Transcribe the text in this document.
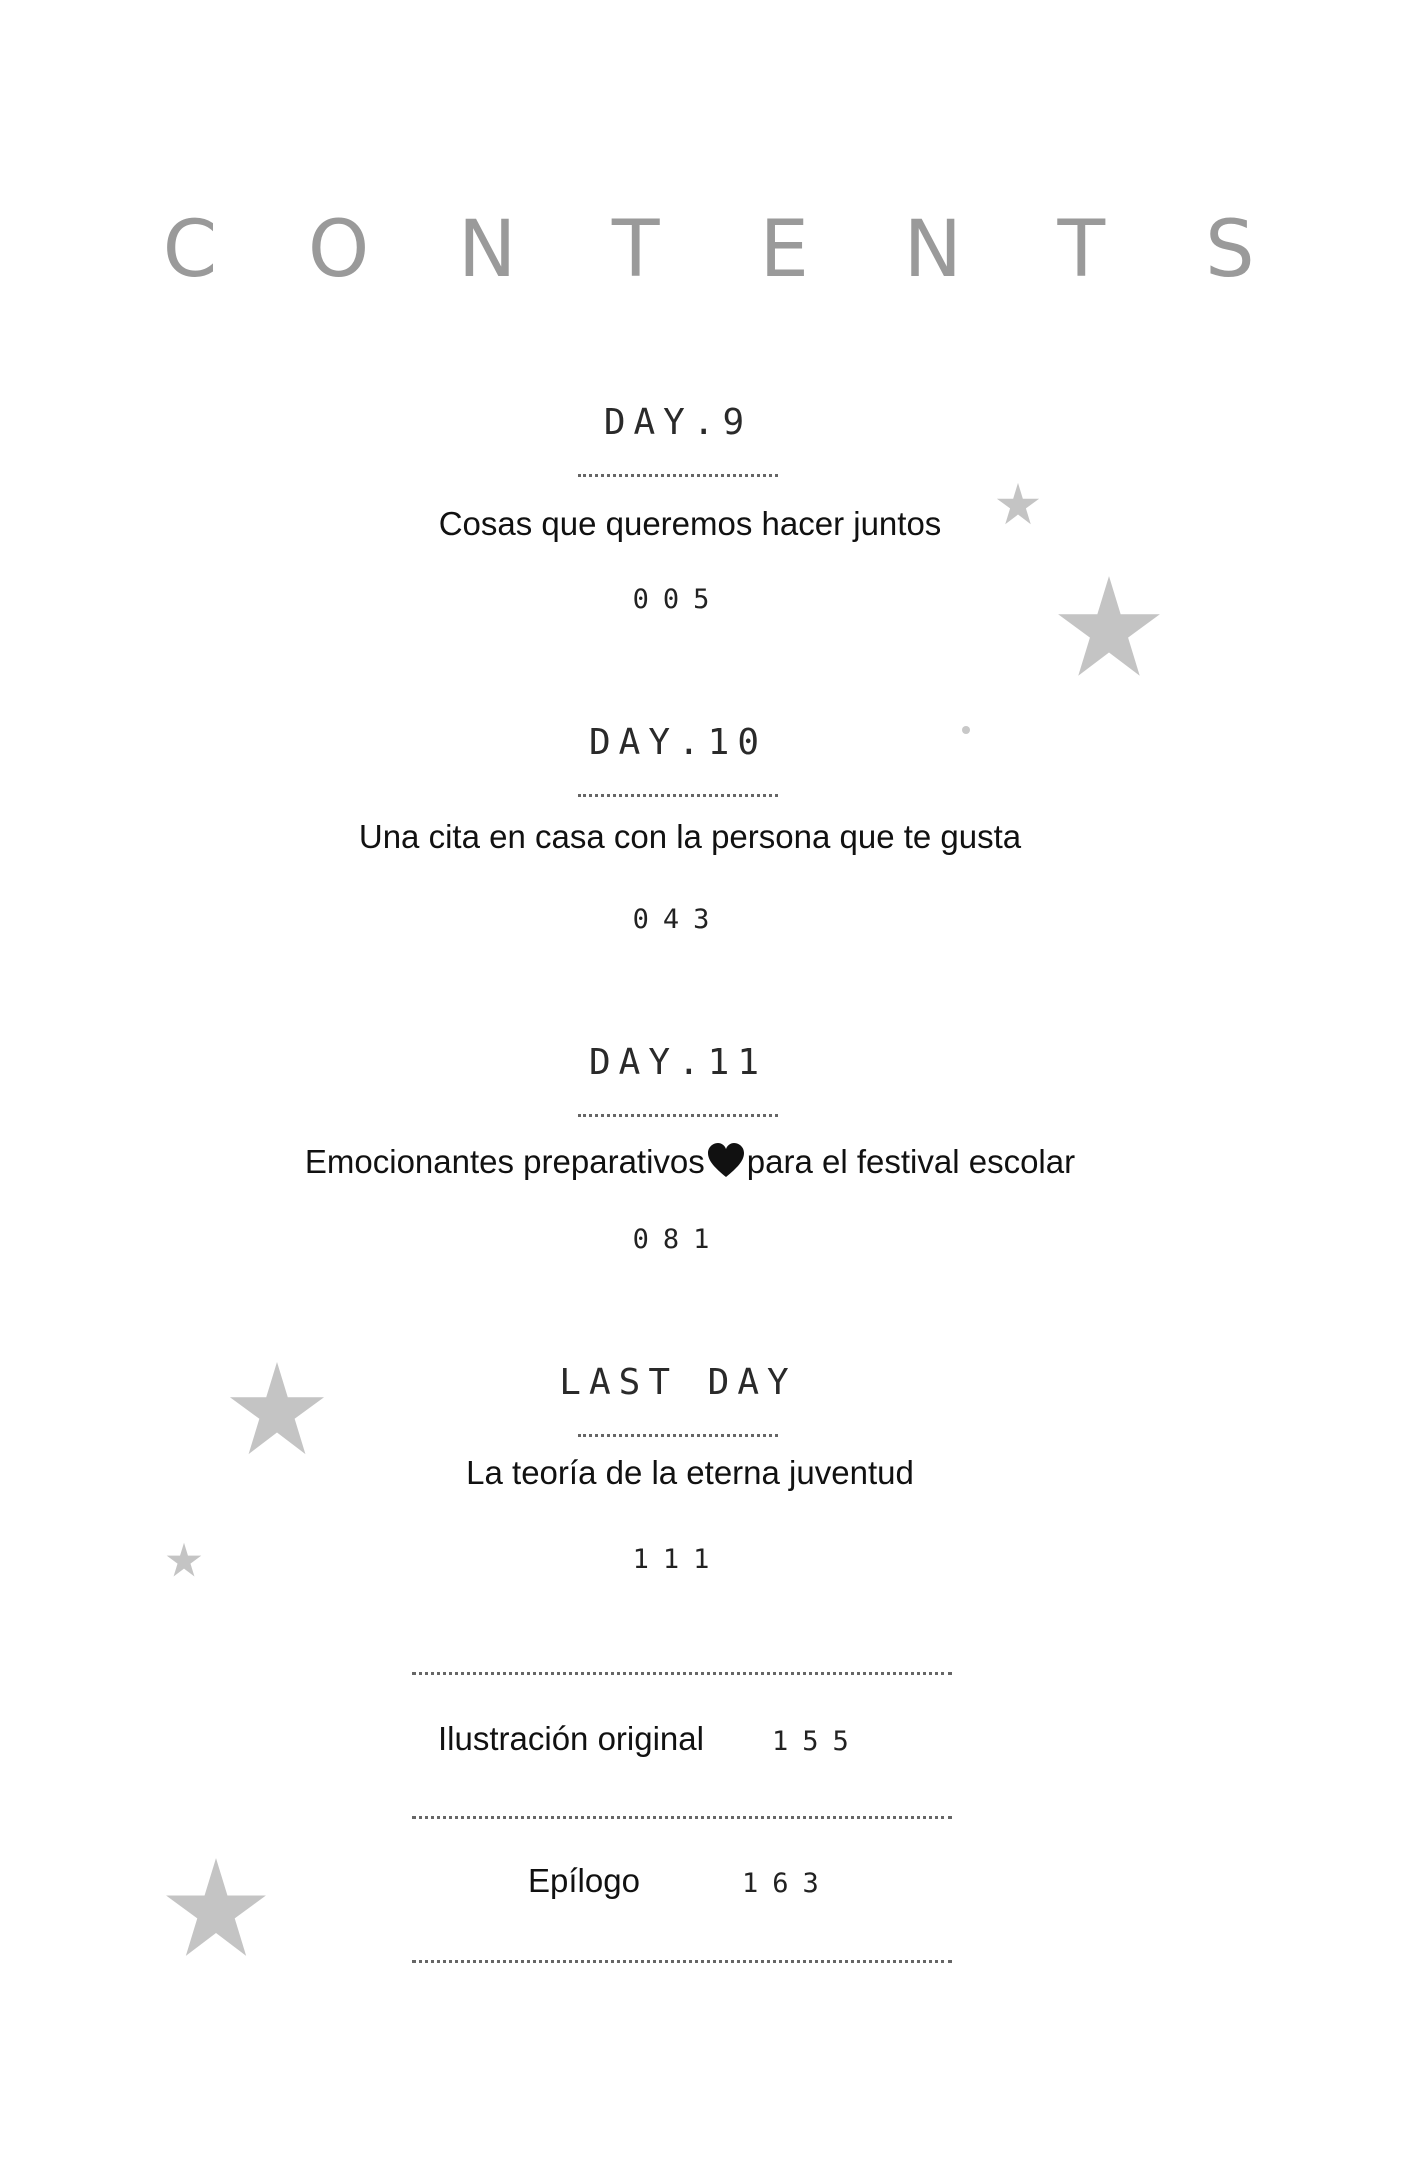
C O N T E N T S
DAY.9
Cosas que queremos hacer juntos
005
DAY.10
Una cita en casa con la persona que te gusta
043
DAY.11
Emocionantes preparativos para el festival escolar
081
LAST DAY
La teoría de la eterna juventud
111
Ilustración original	155
Epílogo	163
